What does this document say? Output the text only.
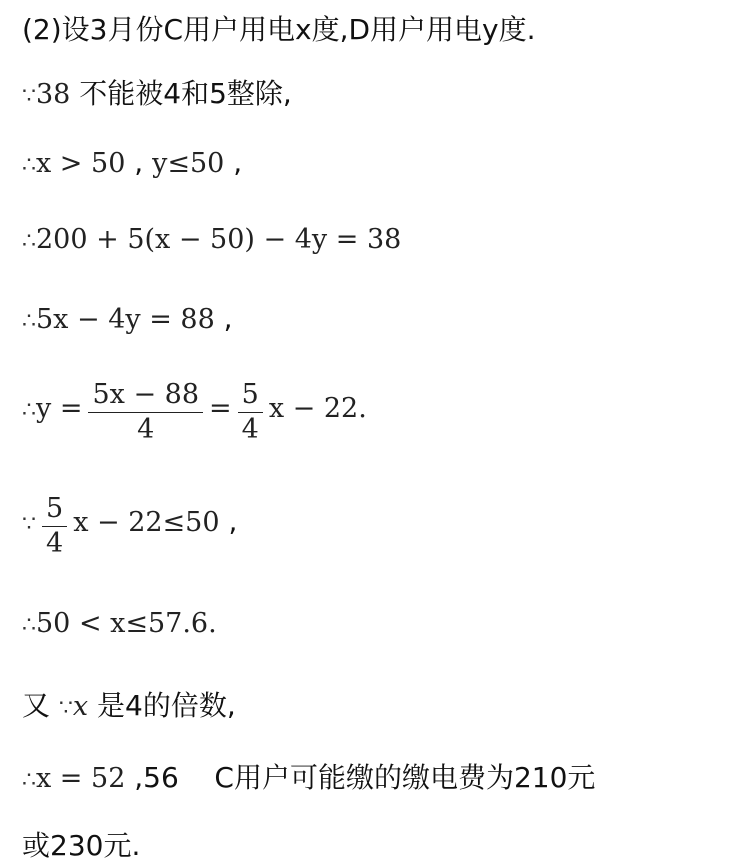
(2)设3月份C用户用电x度,D用户用电y度.
∵38 不能被4和5整除,
∴x > 50 , y≤50 ,
∴200 + 5(x − 50) − 4y = 38
∴5x − 4y = 88 ,
∴y = $\frac{5x - 88}{4} = \frac{5}{4}$ x − 22.
∵ $\frac{5}{4}$ x − 22≤50 ,
∴50 < x≤57.6.
又 ∵x 是4的倍数,
∴x = 52 ,56    C用户可能缴的缴电费为210元
或230元.
